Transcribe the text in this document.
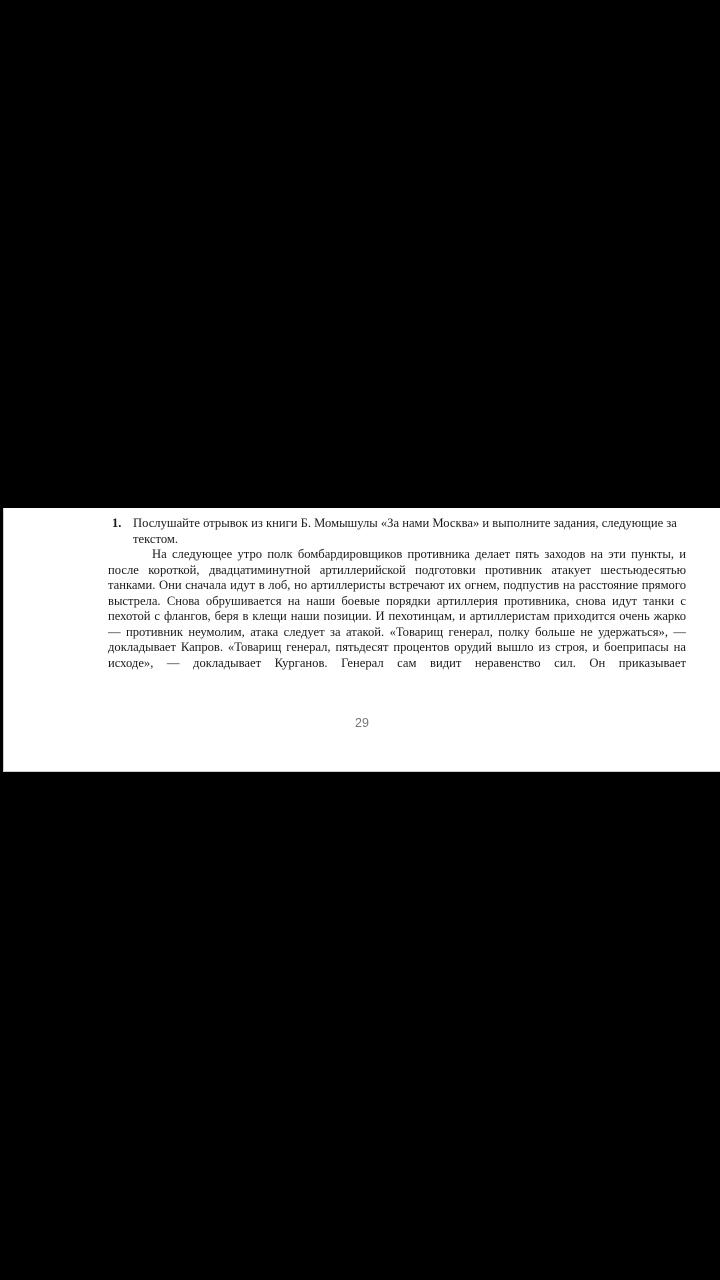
1. Послушайте отрывок из книги Б. Момышулы «За нами Москва» и выполните задания, следующие за текстом.

На следующее утро полк бомбардировщиков противника делает пять заходов на эти пункты, и после короткой, двадцатиминутной артиллерийской подготовки противник атакует шестьюдесятью танками. Они сначала идут в лоб, но артиллеристы встречают их огнем, подпустив на расстояние прямого выстрела. Снова обрушивается на наши боевые порядки артиллерия противника, снова идут танки с пехотой с флангов, беря в клещи наши позиции. И пехотинцам, и артиллеристам приходится очень жарко — противник неумолим, атака следует за атакой. «Товарищ генерал, полку больше не удержаться», — докладывает Капров. «Товарищ генерал, пятьдесят процентов орудий вышло из строя, и боеприпасы на исходе», — докладывает Курганов. Генерал сам видит неравенство сил. Он приказывает

29
